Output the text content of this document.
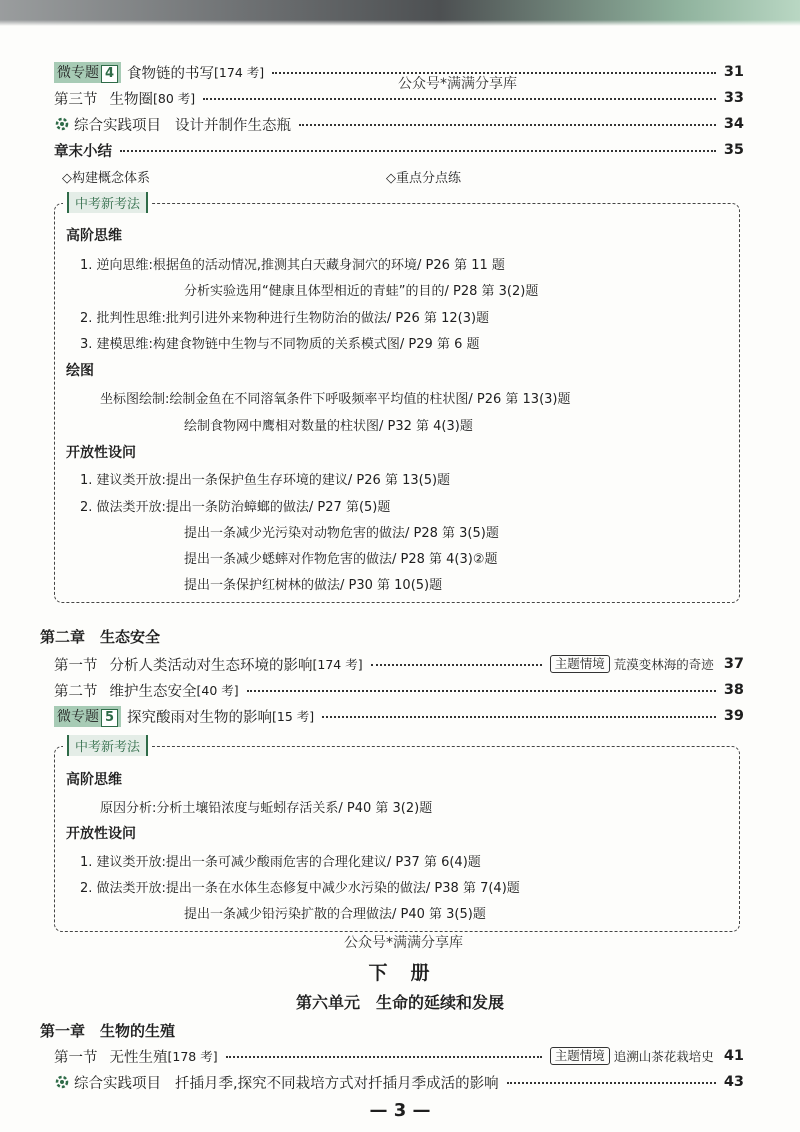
微专题 4 食物链的书写 [174 考]	31
公众号*满满分享库
第三节 生物圈 [80 考]	33
综合实践项目 设计并制作生态瓶	34
章末小结	35
◇构建概念体系	◇重点分点练
中考新考法
高阶思维
1. 逆向思维:根据鱼的活动情况,推测其白天藏身洞穴的环境/ P26 第 11 题
分析实验选用“健康且体型相近的青蛙”的目的/ P28 第 3(2)题
2. 批判性思维:批判引进外来物种进行生物防治的做法/ P26 第 12(3)题
3. 建模思维:构建食物链中生物与不同物质的关系模式图/ P29 第 6 题
绘图
坐标图绘制:绘制金鱼在不同溶氧条件下呼吸频率平均值的柱状图/ P26 第 13(3)题
绘制食物网中鹰相对数量的柱状图/ P32 第 4(3)题
开放性设问
1. 建议类开放:提出一条保护鱼生存环境的建议/ P26 第 13(5)题
2. 做法类开放:提出一条防治蟑螂的做法/ P27 第(5)题
提出一条减少光污染对动物危害的做法/ P28 第 3(5)题
提出一条减少蟋蟀对作物危害的做法/ P28 第 4(3)②题
提出一条保护红树林的做法/ P30 第 10(5)题
第二章　生态安全
第一节 分析人类活动对生态环境的影响 [174 考]	主题情境 荒漠变林海的奇迹 37
第二节 维护生态安全 [40 考]	38
微专题 5 探究酸雨对生物的影响 [15 考]	39
中考新考法
高阶思维
原因分析:分析土壤铅浓度与蚯蚓存活关系/ P40 第 3(2)题
开放性设问
1. 建议类开放:提出一条可减少酸雨危害的合理化建议/ P37 第 6(4)题
2. 做法类开放:提出一条在水体生态修复中减少水污染的做法/ P38 第 7(4)题
提出一条减少铅污染扩散的合理做法/ P40 第 3(5)题
公众号*满满分享库
下　册
第六单元　生命的延续和发展
第一章　生物的生殖
第一节 无性生殖 [178 考]	主题情境 追溯山茶花栽培史 41
综合实践项目 扦插月季,探究不同栽培方式对扦插月季成活的影响	43
— 3 —
